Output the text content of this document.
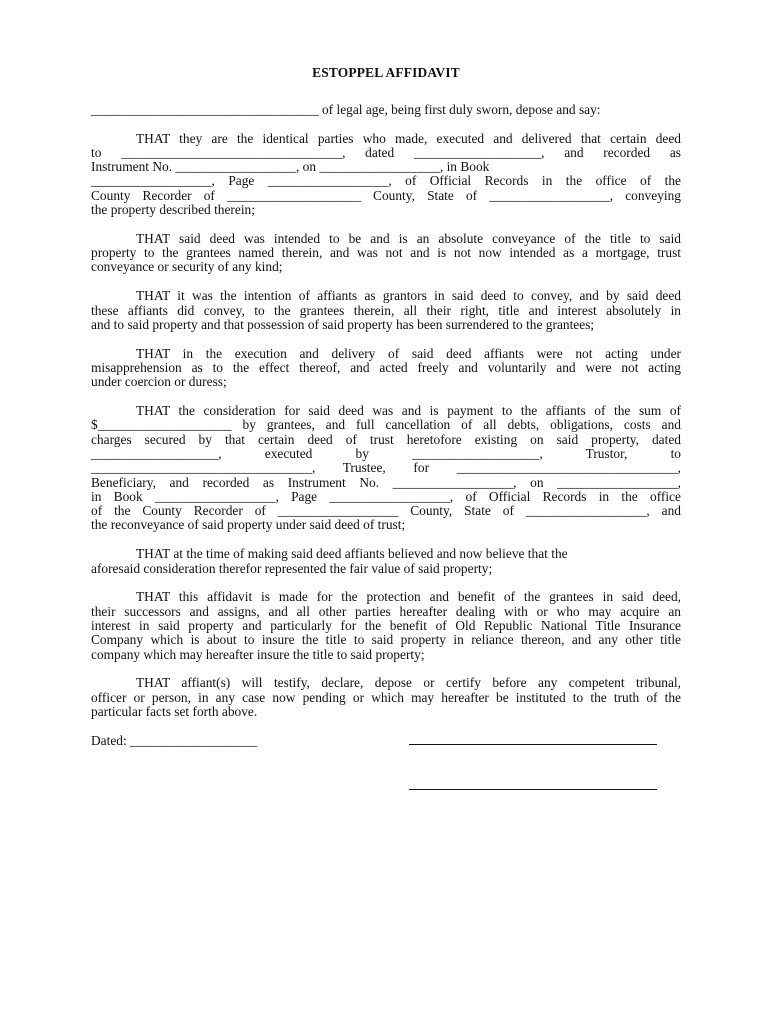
ESTOPPEL AFFIDAVIT
__________________________________ of legal age, being first duly sworn, depose and say:
THAT they are the identical parties who made, executed and delivered that certain deed
to _________________________________, dated ___________________, and recorded as
Instrument No. __________________, on __________________, in Book
__________________, Page __________________, of Official Records in the office of the
County Recorder of ____________________ County, State of __________________, conveying
the property described therein;
THAT said deed was intended to be and is an absolute conveyance of the title to said
property to the grantees named therein, and was not and is not now intended as a mortgage, trust
conveyance or security of any kind;
THAT it was the intention of affiants as grantors in said deed to convey, and by said deed
these affiants did convey, to the grantees therein, all their right, title and interest absolutely in
and to said property and that possession of said property has been surrendered to the grantees;
THAT in the execution and delivery of said deed affiants were not acting under
misapprehension as to the effect thereof, and acted freely and voluntarily and were not acting
under coercion or duress;
THAT the consideration for said deed was and is payment to the affiants of the sum of
$____________________ by grantees, and full cancellation of all debts, obligations, costs and
charges secured by that certain deed of trust heretofore existing on said property, dated
___________________, executed by ___________________, Trustor, to
_________________________________, Trustee, for _________________________________,
Beneficiary, and recorded as Instrument No. __________________, on __________________,
in Book __________________, Page __________________, of Official Records in the office
of the County Recorder of __________________ County, State of __________________, and
the reconveyance of said property under said deed of trust;
THAT at the time of making said deed affiants believed and now believe that the
aforesaid consideration therefor represented the fair value of said property;
THAT this affidavit is made for the protection and benefit of the grantees in said deed,
their successors and assigns, and all other parties hereafter dealing with or who may acquire an
interest in said property and particularly for the benefit of Old Republic National Title Insurance
Company which is about to insure the title to said property in reliance thereon, and any other title
company which may hereafter insure the title to said property;
THAT affiant(s) will testify, declare, depose or certify before any competent tribunal,
officer or person, in any case now pending or which may hereafter be instituted to the truth of the
particular facts set forth above.
Dated: ___________________
